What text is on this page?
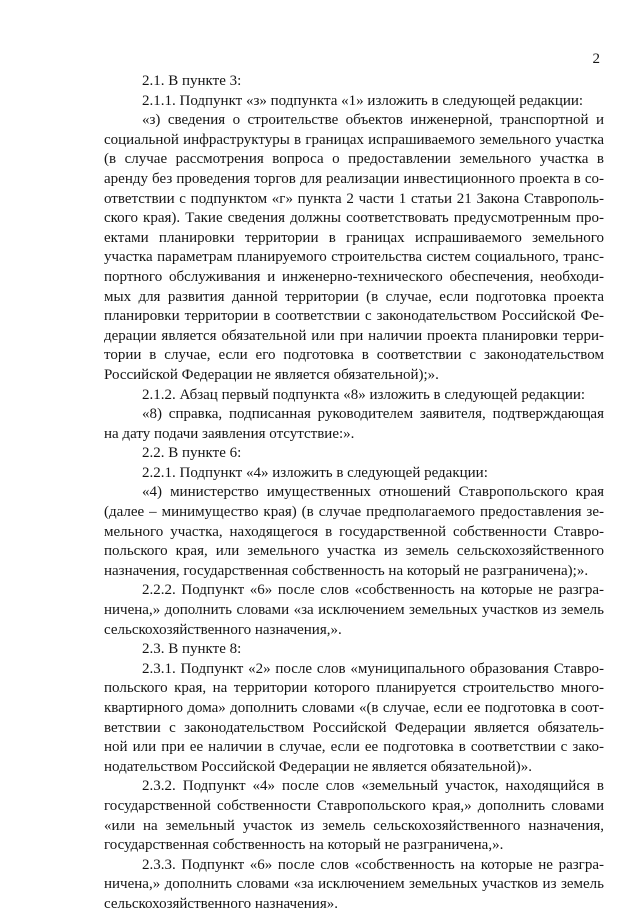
2
2.1. В пункте 3:
2.1.1. Подпункт «з» подпункта «1» изложить в следующей редакции:
«з) сведения о строительстве объектов инженерной, транспортной и
социальной инфраструктуры в границах испрашиваемого земельного участка
(в случае рассмотрения вопроса о предоставлении земельного участка в
аренду без проведения торгов для реализации инвестиционного проекта в со-
ответствии с подпунктом «г» пункта 2 части 1 статьи 21 Закона Ставрополь-
ского края). Такие сведения должны соответствовать предусмотренным про-
ектами планировки территории в границах испрашиваемого земельного
участка параметрам планируемого строительства систем социального, транс-
портного обслуживания и инженерно-технического обеспечения, необходи-
мых для развития данной территории (в случае, если подготовка проекта
планировки территории в соответствии с законодательством Российской Фе-
дерации является обязательной или при наличии проекта планировки терри-
тории в случае, если его подготовка в соответствии с законодательством
Российской Федерации не является обязательной);».
2.1.2. Абзац первый подпункта «8» изложить в следующей редакции:
«8) справка, подписанная руководителем заявителя, подтверждающая
на дату подачи заявления отсутствие:».
2.2. В пункте 6:
2.2.1. Подпункт «4» изложить в следующей редакции:
«4) министерство имущественных отношений Ставропольского края
(далее – минимущество края) (в случае предполагаемого предоставления зе-
мельного участка, находящегося в государственной собственности Ставро-
польского края, или земельного участка из земель сельскохозяйственного
назначения, государственная собственность на который не разграничена);».
2.2.2. Подпункт «6» после слов «собственность на которые не разгра-
ничена,» дополнить словами «за исключением земельных участков из земель
сельскохозяйственного назначения,».
2.3. В пункте 8:
2.3.1. Подпункт «2» после слов «муниципального образования Ставро-
польского края, на территории которого планируется строительство много-
квартирного дома» дополнить словами «(в случае, если ее подготовка в соот-
ветствии с законодательством Российской Федерации является обязатель-
ной или при ее наличии в случае, если ее подготовка в соответствии с зако-
нодательством Российской Федерации не является обязательной)».
2.3.2. Подпункт «4» после слов «земельный участок, находящийся в
государственной собственности Ставропольского края,» дополнить словами
«или на земельный участок из земель сельскохозяйственного назначения,
государственная собственность на который не разграничена,».
2.3.3. Подпункт «6» после слов «собственность на которые не разгра-
ничена,» дополнить словами «за исключением земельных участков из земель
сельскохозяйственного назначения».
